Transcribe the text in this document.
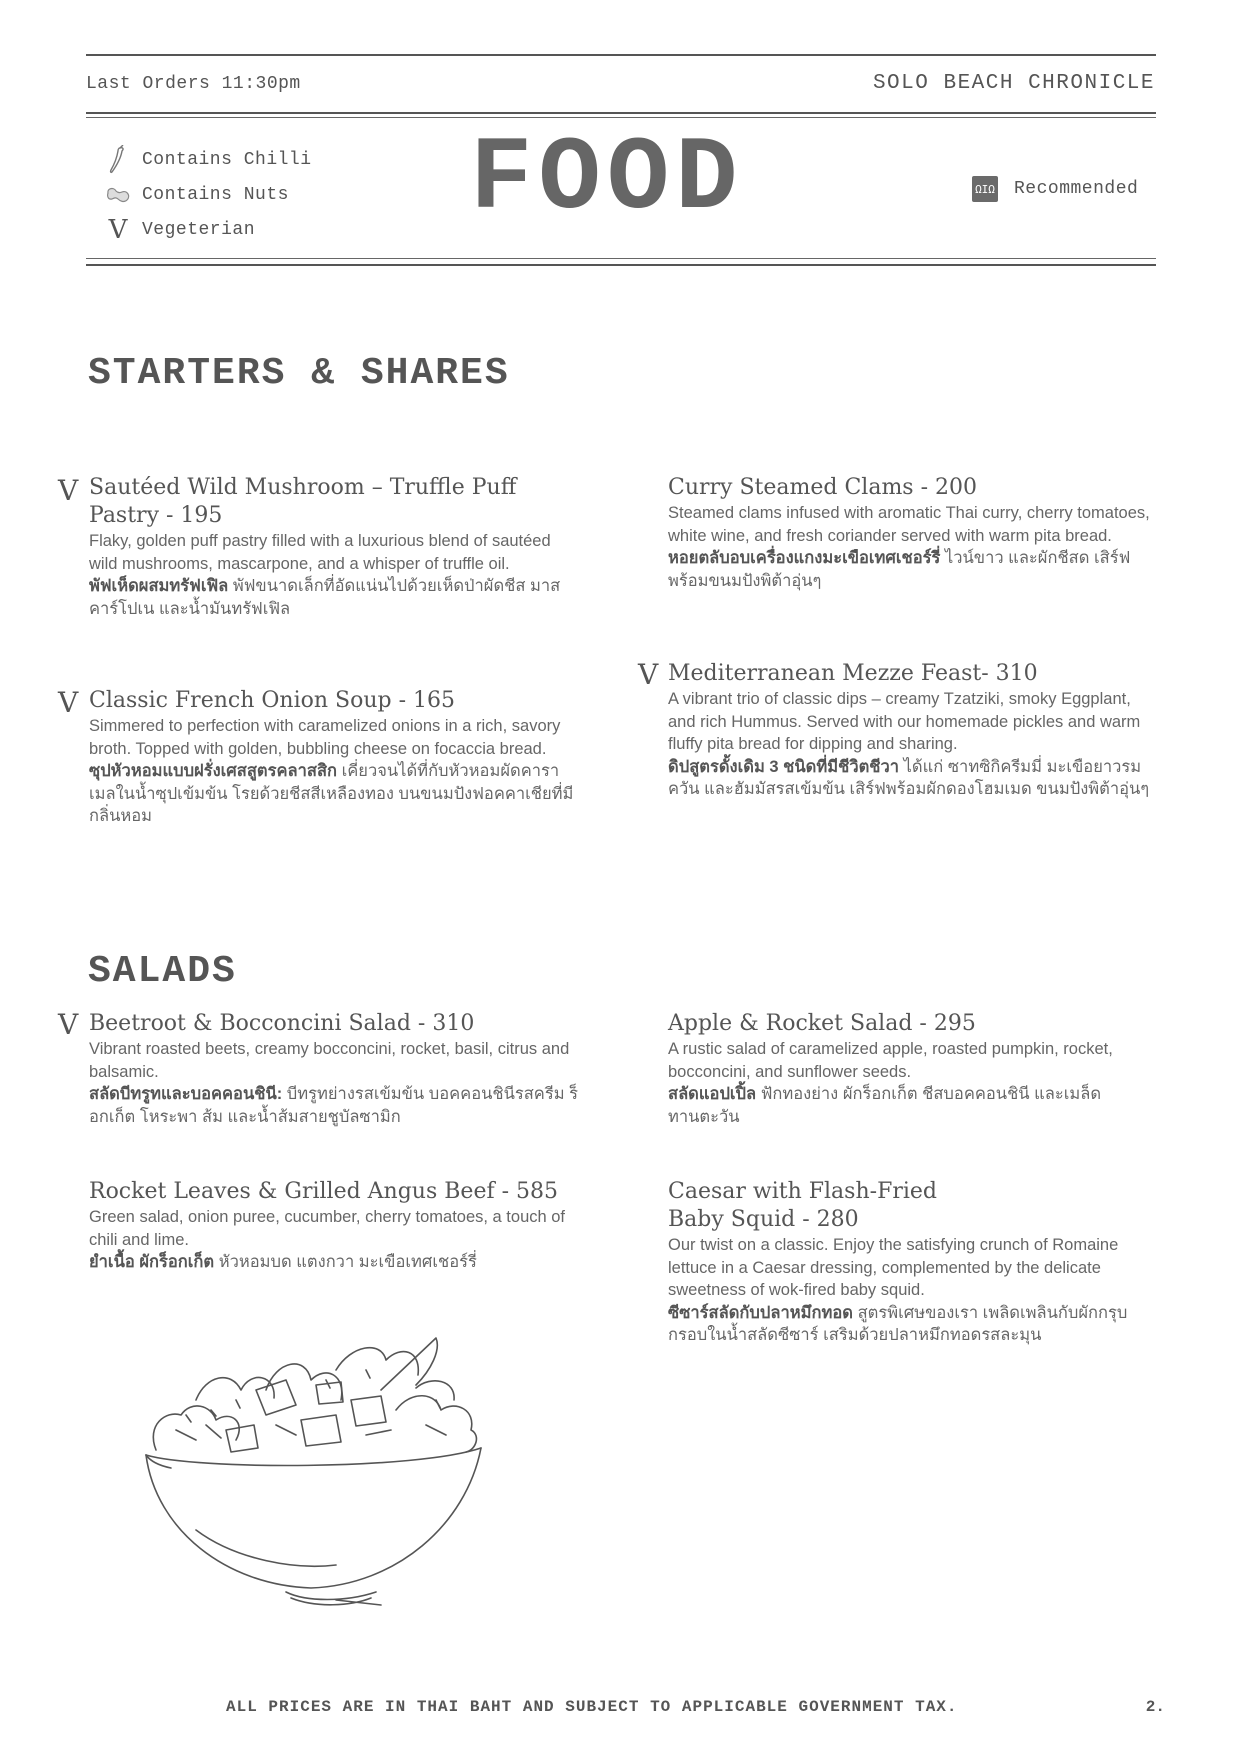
Last Orders 11:30pm	SOLO BEACH CHRONICLE
Contains Chilli
Contains Nuts
V Vegeterian FOOD	ΩΙΩ Recommended
STARTERS & SHARES
V Sautéed Wild Mushroom – Truffle Puff Pastry - 195
Flaky, golden puff pastry filled with a luxurious blend of sautéed wild mushrooms, mascarpone, and a whisper of truffle oil.
พัฟเห็ดผสมทรัฟเฟิล พัฟขนาดเล็กที่อัดแน่นไปด้วยเห็ดป่าผัดชีส มาสคาร์โปเน และน้ำมันทรัฟเฟิล
V Classic French Onion Soup - 165
Simmered to perfection with caramelized onions in a rich, savory broth. Topped with golden, bubbling cheese on focaccia bread.
ซุปหัวหอมแบบฝรั่งเศสสูตรคลาสสิก เคี่ยวจนได้ที่กับหัวหอมผัดคาราเมลในน้ำซุปเข้มข้น โรยด้วยชีสสีเหลืองทอง บนขนมปังฟอคคาเชียที่มีกลิ่นหอม
Curry Steamed Clams - 200
Steamed clams infused with aromatic Thai curry, cherry tomatoes, white wine, and fresh coriander served with warm pita bread.
หอยตลับอบเครื่องแกงมะเขือเทศเชอร์รี่ ไวน์ขาว และผักชีสด เสิร์ฟพร้อมขนมปังพิต้าอุ่นๆ
V Mediterranean Mezze Feast- 310
A vibrant trio of classic dips – creamy Tzatziki, smoky Eggplant, and rich Hummus. Served with our homemade pickles and warm fluffy pita bread for dipping and sharing.
ดิปสูตรดั้งเดิม 3 ชนิดที่มีชีวิตชีวา ได้แก่ ซาทซิกิครีมมี่ มะเขือยาวรมควัน และฮัมมัสรสเข้มข้น เสิร์ฟพร้อมผักดองโฮมเมด ขนมปังพิต้าอุ่นๆ
SALADS
V Beetroot & Bocconcini Salad - 310
Vibrant roasted beets, creamy bocconcini, rocket, basil, citrus and balsamic.
สลัดบีทรูทและบอคคอนชินี: บีทรูทย่างรสเข้มข้น บอคคอนชินีรสครีม ร็อกเก็ต โหระพา ส้ม และน้ำส้มสายชูบัลซามิก
Rocket Leaves & Grilled Angus Beef - 585
Green salad, onion puree, cucumber, cherry tomatoes, a touch of chili and lime.
ยำเนื้อ ผักร็อกเก็ต หัวหอมบด แตงกวา มะเขือเทศเชอร์รี่
Apple & Rocket Salad - 295
A rustic salad of caramelized apple, roasted pumpkin, rocket, bocconcini, and sunflower seeds.
สลัดแอปเปิ้ล ฟักทองย่าง ผักร็อกเก็ต ชีสบอคคอนชินี และเมล็ดทานตะวัน
Caesar with Flash-Fried Baby Squid - 280
Our twist on a classic. Enjoy the satisfying crunch of Romaine lettuce in a Caesar dressing, complemented by the delicate sweetness of wok-fired baby squid.
ซีซาร์สลัดกับปลาหมึกทอด สูตรพิเศษของเรา เพลิดเพลินกับผักกรุบกรอบในน้ำสลัดซีซาร์ เสริมด้วยปลาหมึกทอดรสละมุน
ALL PRICES ARE IN THAI BAHT AND SUBJECT TO APPLICABLE GOVERNMENT TAX.	2.
